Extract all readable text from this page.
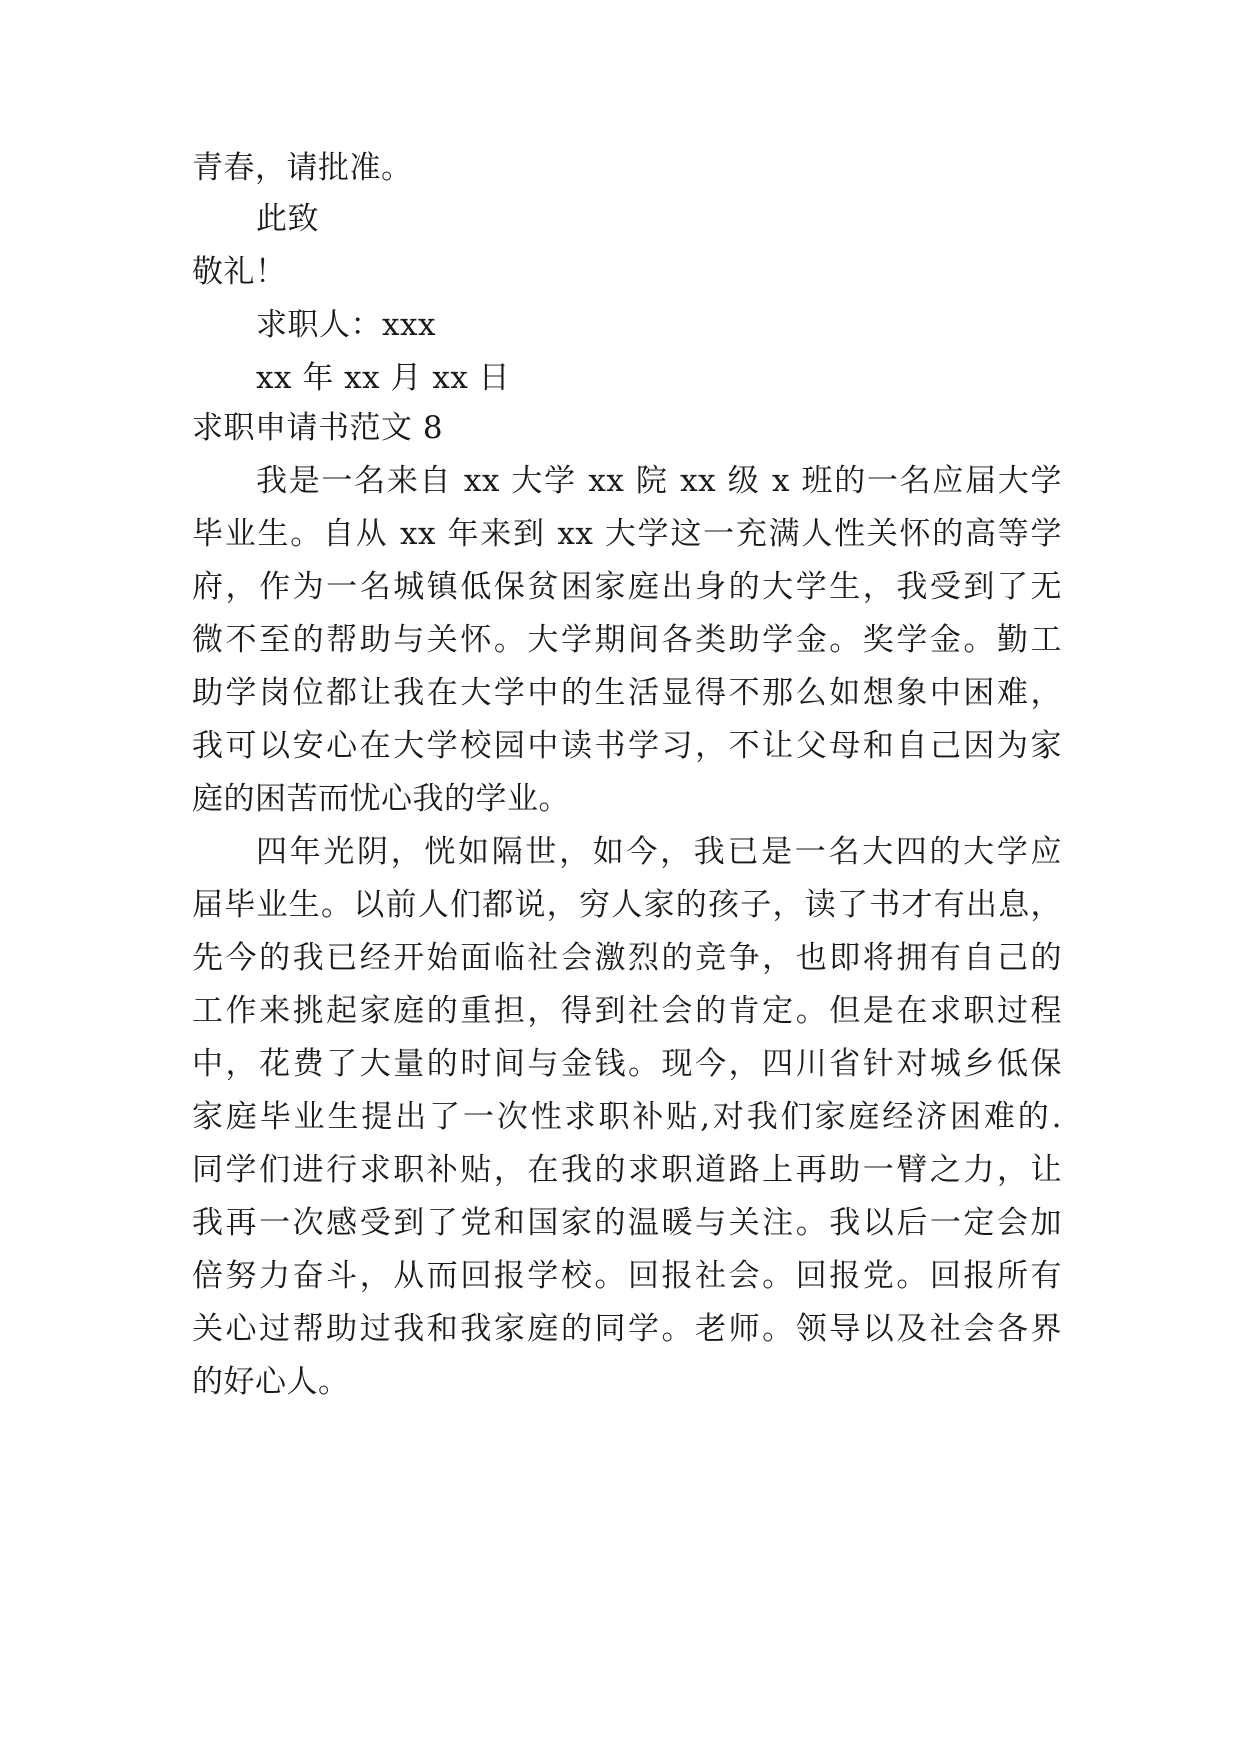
青春，请批准。
此致
敬礼！
求职人：xxx
xx 年 xx 月 xx 日
求职申请书范文 8
我是一名来自 xx 大学 xx 院 xx 级 x 班的一名应届大学
毕业生。自从 xx 年来到 xx 大学这一充满人性关怀的高等学
府，作为一名城镇低保贫困家庭出身的大学生，我受到了无
微不至的帮助与关怀。大学期间各类助学金。奖学金。勤工
助学岗位都让我在大学中的生活显得不那么如想象中困难，
我可以安心在大学校园中读书学习，不让父母和自己因为家
庭的困苦而忧心我的学业。
四年光阴，恍如隔世，如今，我已是一名大四的大学应
届毕业生。以前人们都说，穷人家的孩子，读了书才有出息，
先今的我已经开始面临社会激烈的竞争，也即将拥有自己的
工作来挑起家庭的重担，得到社会的肯定。但是在求职过程
中，花费了大量的时间与金钱。现今，四川省针对城乡低保
家庭毕业生提出了一次性求职补贴,对我们家庭经济困难的.
同学们进行求职补贴，在我的求职道路上再助一臂之力，让
我再一次感受到了党和国家的温暖与关注。我以后一定会加
倍努力奋斗，从而回报学校。回报社会。回报党。回报所有
关心过帮助过我和我家庭的同学。老师。领导以及社会各界
的好心人。
